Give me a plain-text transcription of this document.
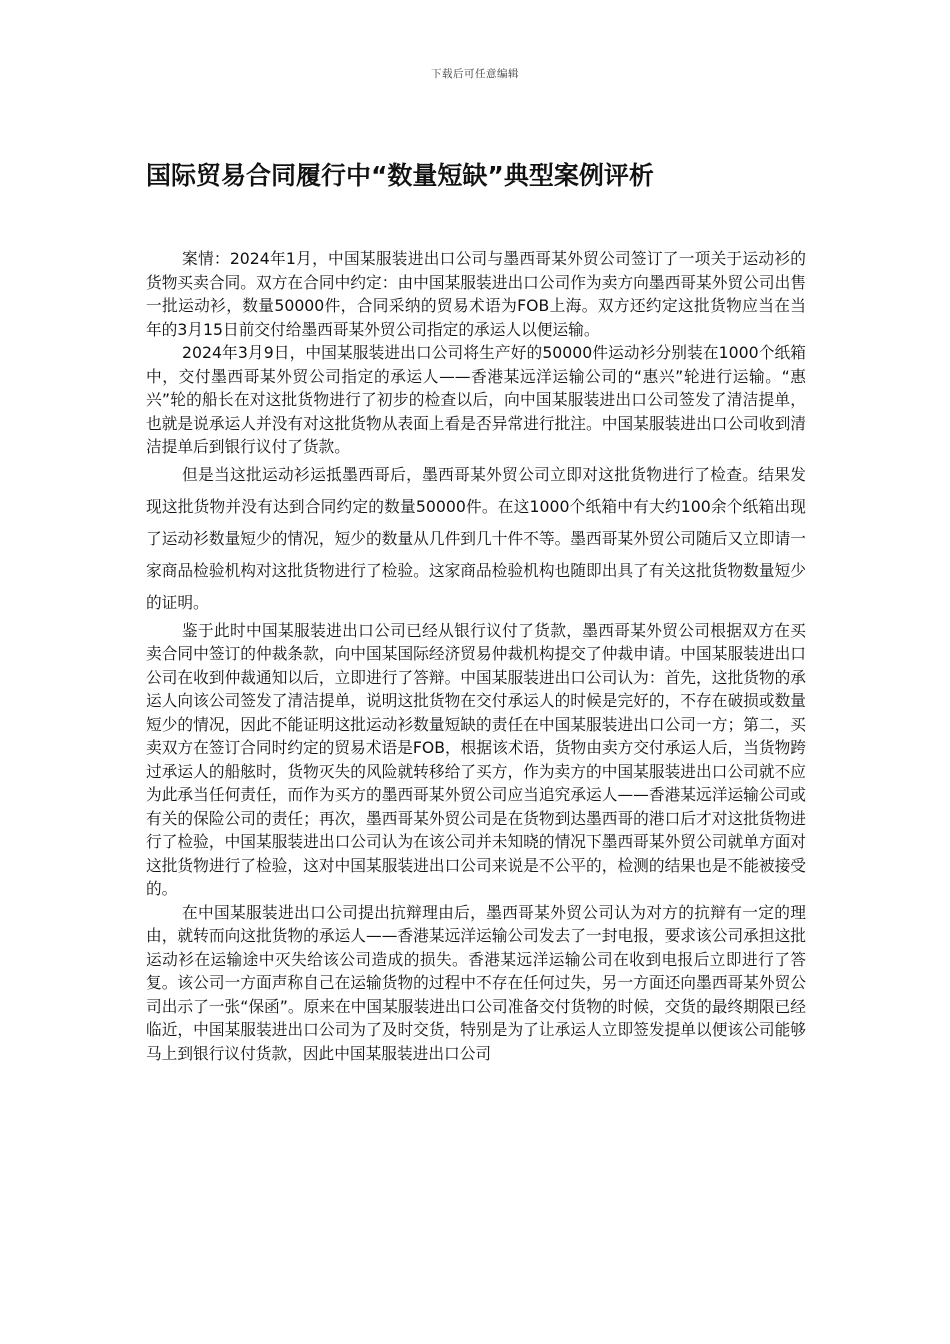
下载后可任意编辑
国际贸易合同履行中“数量短缺”典型案例评析

案情：2024年1月，中国某服装进出口公司与墨西哥某外贸公司签订了一项关于运动衫的货物买卖合同。双方在合同中约定：由中国某服装进出口公司作为卖方向墨西哥某外贸公司出售一批运动衫，数量50000件，合同采纳的贸易术语为FOB上海。双方还约定这批货物应当在当年的3月15日前交付给墨西哥某外贸公司指定的承运人以便运输。

2024年3月9日，中国某服装进出口公司将生产好的50000件运动衫分别装在1000个纸箱中，交付墨西哥某外贸公司指定的承运人——香港某远洋运输公司的“惠兴”轮进行运输。“惠兴”轮的船长在对这批货物进行了初步的检查以后，向中国某服装进出口公司签发了清洁提单，也就是说承运人并没有对这批货物从表面上看是否异常进行批注。中国某服装进出口公司收到清洁提单后到银行议付了货款。

但是当这批运动衫运抵墨西哥后，墨西哥某外贸公司立即对这批货物进行了检查。结果发现这批货物并没有达到合同约定的数量50000件。在这1000个纸箱中有大约100余个纸箱出现了运动衫数量短少的情况，短少的数量从几件到几十件不等。墨西哥某外贸公司随后又立即请一家商品检验机构对这批货物进行了检验。这家商品检验机构也随即出具了有关这批货物数量短少的证明。

鉴于此时中国某服装进出口公司已经从银行议付了货款，墨西哥某外贸公司根据双方在买卖合同中签订的仲裁条款，向中国某国际经济贸易仲裁机构提交了仲裁申请。中国某服装进出口公司在收到仲裁通知以后，立即进行了答辩。中国某服装进出口公司认为：首先，这批货物的承运人向该公司签发了清洁提单，说明这批货物在交付承运人的时候是完好的，不存在破损或数量短少的情况，因此不能证明这批运动衫数量短缺的责任在中国某服装进出口公司一方；第二，买卖双方在签订合同时约定的贸易术语是FOB，根据该术语，货物由卖方交付承运人后，当货物跨过承运人的船舷时，货物灭失的风险就转移给了买方，作为卖方的中国某服装进出口公司就不应为此承当任何责任，而作为买方的墨西哥某外贸公司应当追究承运人——香港某远洋运输公司或有关的保险公司的责任；再次，墨西哥某外贸公司是在货物到达墨西哥的港口后才对这批货物进行了检验，中国某服装进出口公司认为在该公司并未知晓的情况下墨西哥某外贸公司就单方面对这批货物进行了检验，这对中国某服装进出口公司来说是不公平的，检测的结果也是不能被接受的。

在中国某服装进出口公司提出抗辩理由后，墨西哥某外贸公司认为对方的抗辩有一定的理由，就转而向这批货物的承运人——香港某远洋运输公司发去了一封电报，要求该公司承担这批运动衫在运输途中灭失给该公司造成的损失。香港某远洋运输公司在收到电报后立即进行了答复。该公司一方面声称自己在运输货物的过程中不存在任何过失，另一方面还向墨西哥某外贸公司出示了一张“保函”。原来在中国某服装进出口公司准备交付货物的时候，交货的最终期限已经临近，中国某服装进出口公司为了及时交货，特别是为了让承运人立即签发提单以便该公司能够马上到银行议付货款，因此中国某服装进出口公司
